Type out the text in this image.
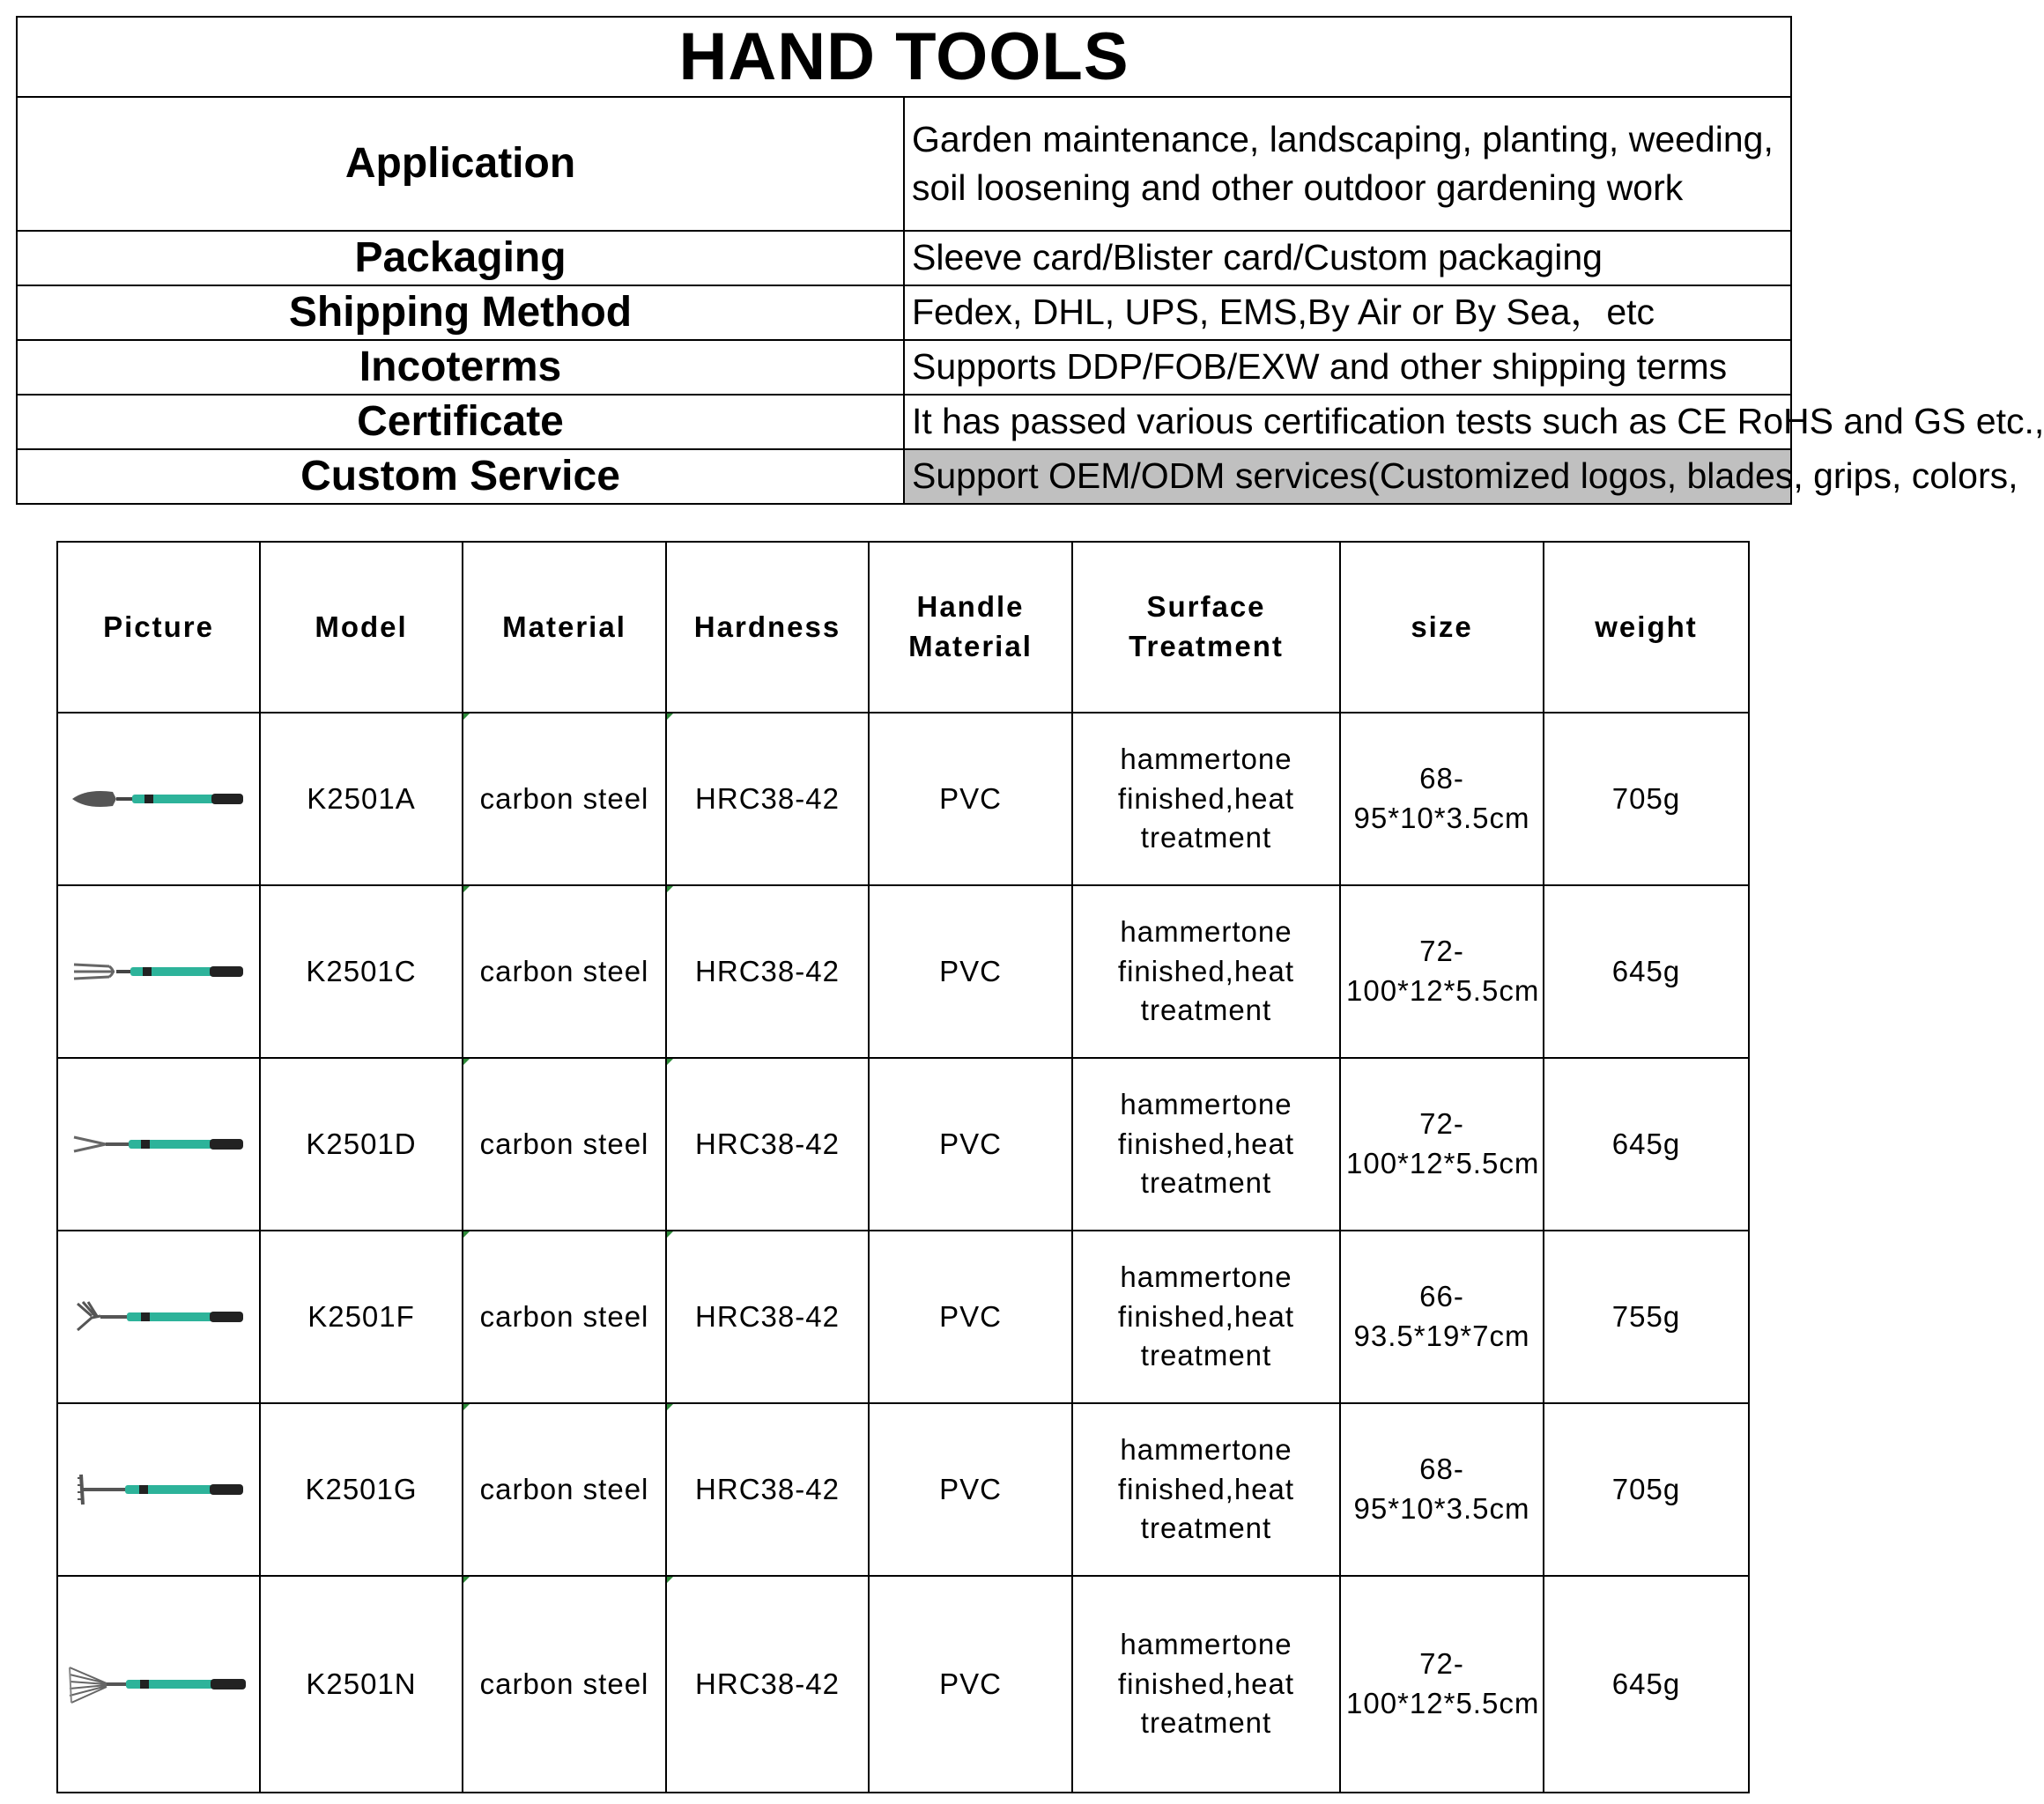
HAND TOOLS	
Application	Garden maintenance, landscaping, planting, weeding, soil loosening and other outdoor gardening work
Packaging	Sleeve card/Blister card/Custom packaging
Shipping Method	Fedex, DHL, UPS, EMS,By Air or By Sea，etc
Incoterms	Supports DDP/FOB/EXW and other shipping terms
Certificate	It has passed various certification tests such as CE RoHS and GS etc.,
Custom Service	Support OEM/ODM services(Customized logos, blades, grips, colors,
Picture	Model	Material	Hardness	Handle Material	Surface Treatment	size	weight

	K2501A	carbon steel	HRC38-42	PVC	hammertone finished,heat treatment	68-95*10*3.5cm	705g

	K2501C	carbon steel	HRC38-42	PVC	hammertone finished,heat treatment	72-100*12*5.5cm	645g

	K2501D	carbon steel	HRC38-42	PVC	hammertone finished,heat treatment	72-100*12*5.5cm	645g

	K2501F	carbon steel	HRC38-42	PVC	hammertone finished,heat treatment	66-93.5*19*7cm	755g

	K2501G	carbon steel	HRC38-42	PVC	hammertone finished,heat treatment	68-95*10*3.5cm	705g

	K2501N	carbon steel	HRC38-42	PVC	hammertone finished,heat treatment	72-100*12*5.5cm	645g
